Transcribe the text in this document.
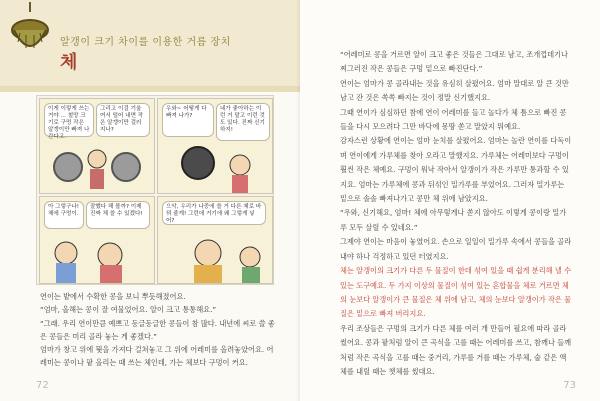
알갱이 크기 차이를 이용한 거름 장치
체
이게 이렇게 쓰는 거야 ... 철망 크기로 구멍 작은 알갱이만 빠져 나간다고.
그리고 이걸 기울여서 털어 내면 작은 알갱이만 걸러 지나?
우와~ 어떻게 다 빠져 나가?
네가 좋아하는 이런 거 말고 이런 것도 있다. 진짜 신기하지!
아 그렇구나! 체에 구멍이.
잘했다 해 볼까? 이제 진짜 체 쓸 수 있겠다!
으악, 우리가 나중에 쓸 거 다른 체로 바꿔 줄게! 그런데 거기에 왜 그렇게 넣어?

연이는 밭에서 수확한 콩을 보니 뿌듯해졌어요.

“엄마, 올해는 콩이 잘 여물었어요. 알이 크고 통통해요.”

“그래. 우리 연이만큼 예쁘고 동글동글한 콩들이 참 많다. 내년에 씨로 쓸 좋은 콩들은 미리 골라 놓는 게 좋겠다.”

엄마가 창고 위에 뭣을 가져다 걸쳐놓고 그 위에 어레미를 올려놓았어요. 어레미는 콩이나 팥 올리는 때 쓰는 체인데, 가는 체보다 구멍이 커요.

72	73

“어레미로 콩을 거르면 알이 크고 좋은 것들은 그대로 남고, 조개껍데기나 찌그러진 작은 콩들은 구멍 밑으로 빠진단다.”

연이는 엄마가 콩 골라내는 것을 유심히 살폈어요. 엄마 말대로 알 큰 것만 남고 잔 것은 쏙쏙 빠지는 것이 정말 신기했지요.

그때 연이가 심심하던 참에 연이 어레미를 들고 놀다가 체 틈으로 빠진 콩들을 다시 모으려다 그만 바닥에 몽땅 쏟고 말았지 뭐예요.

감자스런 상황에 연이는 엄마 눈치를 살폈어요. 엄마는 놀란 연이를 다독이며 연이에게 가루체를 찾아 오라고 말했지요. 가루체는 어레미보다 구멍이 훨씬 작은 체예요. 구멍이 워낙 작아서 알갱이가 작은 가루만 통과할 수 있지요. 엄마는 가루체에 콩과 뒤섞인 밀가루를 부었어요. 그러자 밀가루는 밑으로 솔솔 빠져나가고 콩만 체 위에 남았지요.

“우와, 신기해요, 엄마! 체에 아무렇게나 쏟지 않아도 이렇게 콩이랑 밀가루 모두 살릴 수 있네요.”

그제야 연이는 마음이 놓였어요. 손으로 일일이 밀가루 속에서 콩들을 골라내야 하나 걱정하고 있던 터였지요.

체는 알갱이의 크기가 다른 두 물질이 한데 섞여 있을 때 쉽게 분리해 낼 수 있는 도구예요. 두 가지 이상의 물질이 섞여 있는 혼합물을 체로 거르면 체의 눈보다 알갱이가 큰 물질은 체 위에 남고, 체의 눈보다 알갱이가 작은 물질은 밑으로 빠져 버리지요.

우리 조상들은 구멍의 크기가 다른 체를 여러 개 만들어 필요에 따라 골라 썼어요. 콩과 팥처럼 알이 큰 곡식을 고를 때는 어레미를 쓰고, 참깨나 들깨처럼 작은 곡식을 고를 때는 중거리, 가루를 거를 때는 가루체, 술 같은 액체를 내릴 때는 쳇체를 썼대요.
